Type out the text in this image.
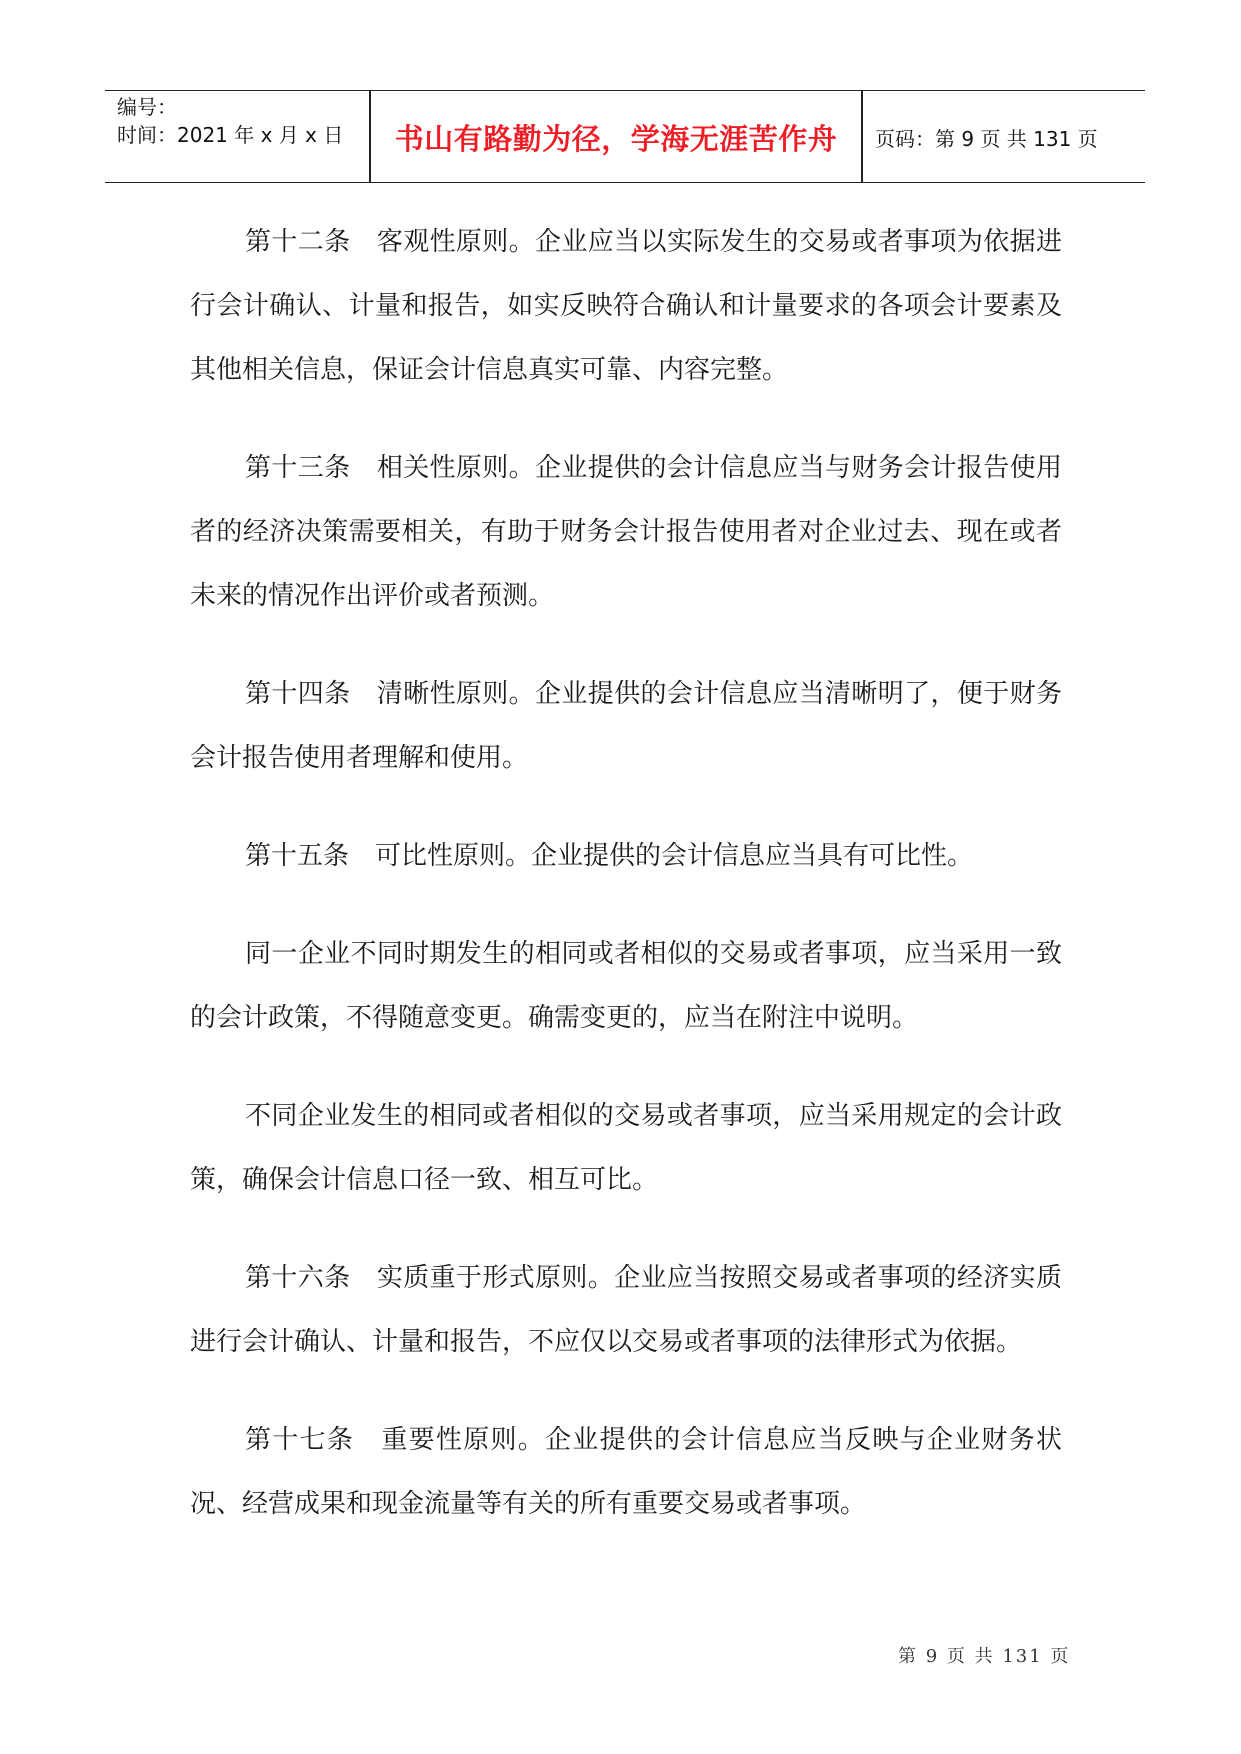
编号：
时间：2021 年 x 月 x 日	书山有路勤为径，学海无涯苦作舟	页码：第 9 页 共 131 页

第十二条　客观性原则。企业应当以实际发生的交易或者事项为依据进行会计确认、计量和报告，如实反映符合确认和计量要求的各项会计要素及其他相关信息，保证会计信息真实可靠、内容完整。

第十三条　相关性原则。企业提供的会计信息应当与财务会计报告使用者的经济决策需要相关，有助于财务会计报告使用者对企业过去、现在或者未来的情况作出评价或者预测。

第十四条　清晰性原则。企业提供的会计信息应当清晰明了，便于财务会计报告使用者理解和使用。

第十五条　可比性原则。企业提供的会计信息应当具有可比性。

同一企业不同时期发生的相同或者相似的交易或者事项，应当采用一致的会计政策，不得随意变更。确需变更的，应当在附注中说明。

不同企业发生的相同或者相似的交易或者事项，应当采用规定的会计政策，确保会计信息口径一致、相互可比。

第十六条　实质重于形式原则。企业应当按照交易或者事项的经济实质进行会计确认、计量和报告，不应仅以交易或者事项的法律形式为依据。

第十七条　重要性原则。企业提供的会计信息应当反映与企业财务状况、经营成果和现金流量等有关的所有重要交易或者事项。

第 9 页 共 131 页
